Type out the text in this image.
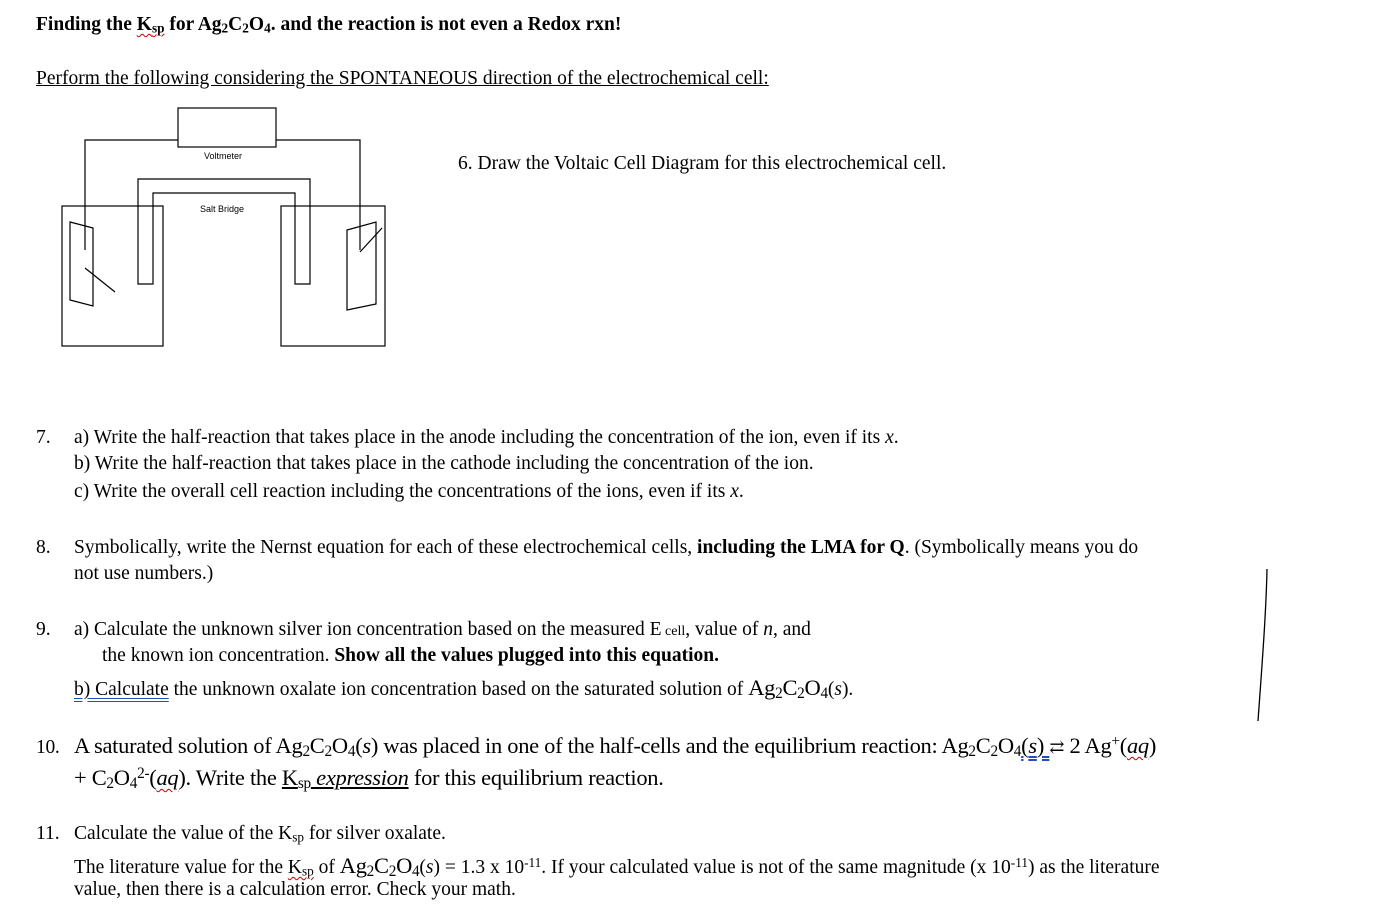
Finding the Ksp for Ag2C2O4. and the reaction is not even a Redox rxn!
Perform the following considering the SPONTANEOUS direction of the electrochemical cell:
Voltmeter
Salt Bridge
6. Draw the Voltaic Cell Diagram for this electrochemical cell.
7. a) Write the half-reaction that takes place in the anode including the concentration of the ion, even if its x.
b) Write the half-reaction that takes place in the cathode including the concentration of the ion.
c) Write the overall cell reaction including the concentrations of the ions, even if its x.
8. Symbolically, write the Nernst equation for each of these electrochemical cells, including the LMA for Q. (Symbolically means you do
not use numbers.)
9. a) Calculate the unknown silver ion concentration based on the measured E cell, value of n, and
the known ion concentration. Show all the values plugged into this equation.
b) Calculate the unknown oxalate ion concentration based on the saturated solution of Ag2C2O4(s).
10. A saturated solution of Ag2C2O4(s) was placed in one of the half-cells and the equilibrium reaction: Ag2C2O4(s) ⇄ 2 Ag+(aq)
+ $C2O4^{2-}(aq)$. Write the Ksp expression for this equilibrium reaction.
11. Calculate the value of the Ksp for silver oxalate.
The literature value for the Ksp of Ag2C2O4(s) = 1.3 x $10^{-11}$. If your calculated value is not of the same magnitude (x $10^{-11}$) as the literature
value, then there is a calculation error. Check your math.
